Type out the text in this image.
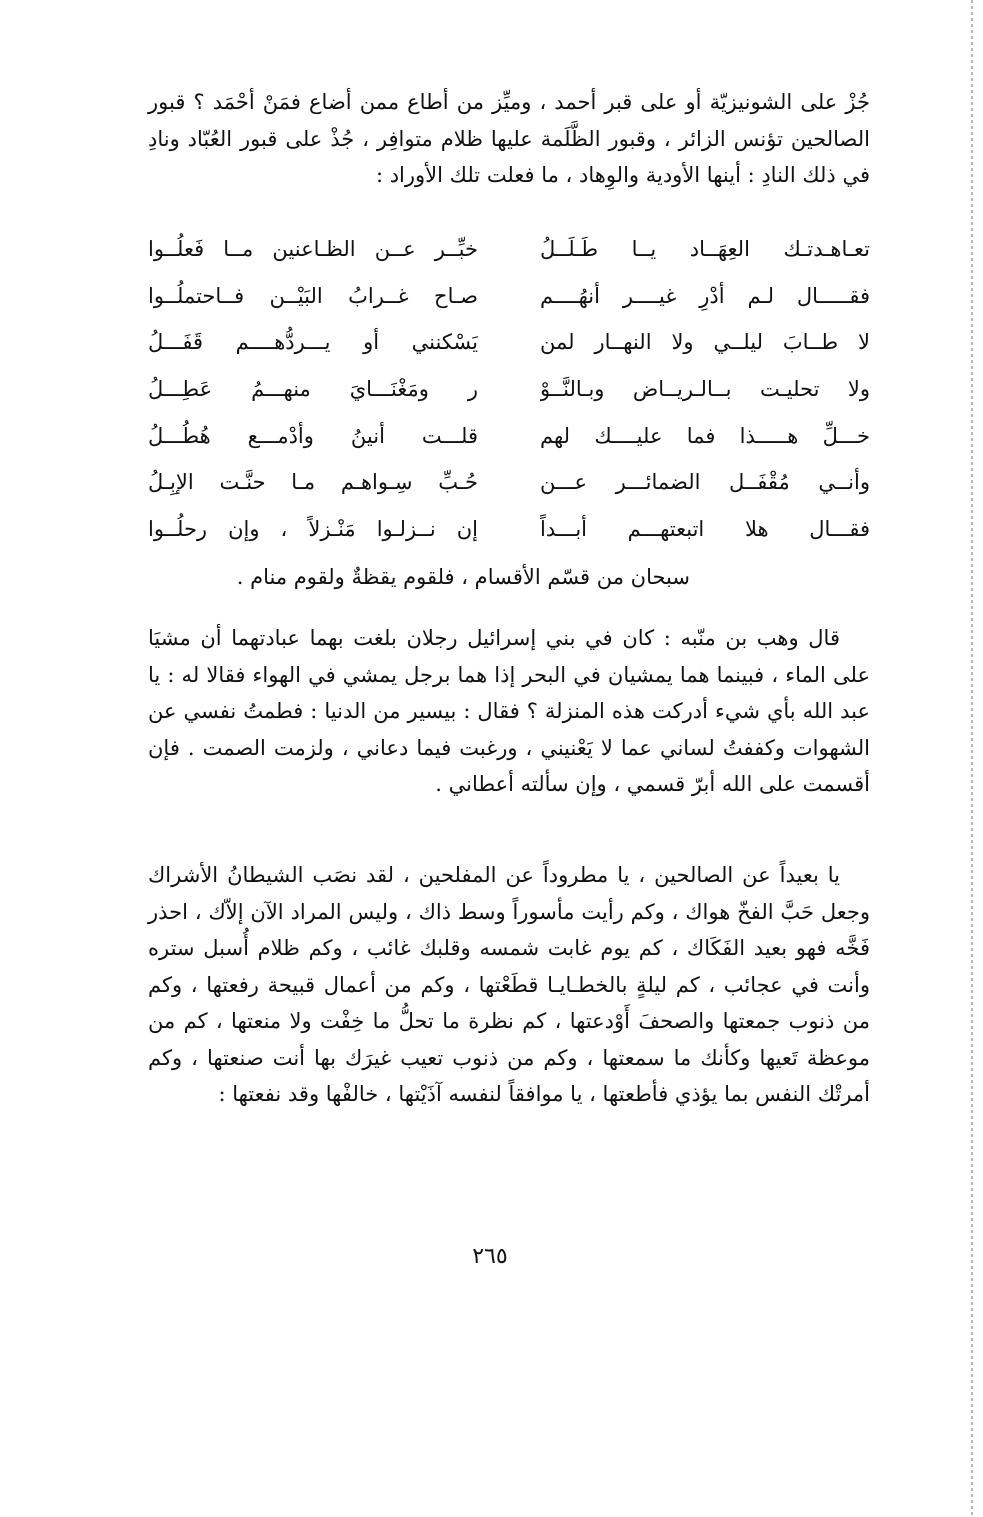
جُزْ على الشونيزيّة أو على قبر أحمد ، وميِّز من أطاع ممن أضاع فمَنْ أحْمَد ؟ قبور الصالحين تؤنس الزائر ، وقبور الظَّلَمة عليها ظلام متوافِر ، جُذْ على قبور العُبّاد ونادِ في ذلك النادِ : أينها الأودية والوِهاد ، ما فعلت تلك الأوراد :

تعـاهـدتـك العِهَــاد يــا طَـلَــلُ
خبِّــر عــن الظـاعنين مــا فَعلُــوا
فقـــــال لـم أدْرِ غيــــر أنهُــــم
صـاح غــرابُ البَيْــن فــاحتملُــوا
لا طــابَ ليلــي ولا النهــار لمن
يَسْكنني أو يـــردُّهــــم قَفَـــلُ
ولا تحليـت بــالـريــاض وبـالنَّــوْ
ر ومَغْنَـــايَ منهـــمُ عَطِـــلُ
خـــلِّ هـــــذا فما عليــــك لهم
قلـــت أنينُ وأدْمـــع هُطُـــلُ
وأنــي مُقْفَــل الضمائـــر عـــن
حُـبِّ سِـواهـم مـا حنَّـت الإبِـلُ
فقـــال هلا اتبعتهـــم أبـــداً
إن نــزلـوا مَنْـزلاً ، وإن رحلُــوا
سبحان من قسّم الأقسام ، فلقوم يقظةٌ ولقوم منام .

قال وهب بن منّبه : كان في بني إسرائيل رجلان بلغت بهما عبادتهما أن مشيَا على الماء ، فبينما هما يمشيان في البحر إذا هما برجل يمشي في الهواء فقالا له : يا عبد الله بأي شيء أدركت هذه المنزلة ؟ فقال : بيسير من الدنيا : فطمتُ نفسي عن الشهوات وكففتُ لساني عما لا يَعْنيني ، ورغبت فيما دعاني ، ولزمت الصمت . فإن أقسمت على الله أبرّ قسمي ، وإن سألته أعطاني .

يا بعيداً عن الصالحين ، يا مطروداً عن المفلحين ، لقد نصَب الشيطانُ الأشراك وجعل حَبَّ الفخّ هواك ، وكم رأيت مأسوراً وسط ذاك ، وليس المراد الآن إلاّك ، احذر فَخَّه فهو بعيد الفَكَاك ، كم يوم غابت شمسه وقلبك غائب ، وكم ظلام أُسبل ستره وأنت في عجائب ، كم ليلةٍ بالخطـايـا قطَعْتها ، وكم من أعمال قبيحة رفعتها ، وكم من ذنوب جمعتها والصحفَ أَوْدعتها ، كم نظرة ما تحلُّ ما خِفْت ولا منعتها ، كم من موعظة تَعيها وكأنك ما سمعتها ، وكم من ذنوب تعيب غيرَك بها أنت صنعتها ، وكم أمرتْك النفس بما يؤذي فأطعتها ، يا موافقاً لنفسه آذَيْتها ، خالفْها وقد نفعتها :

٢٦٥
